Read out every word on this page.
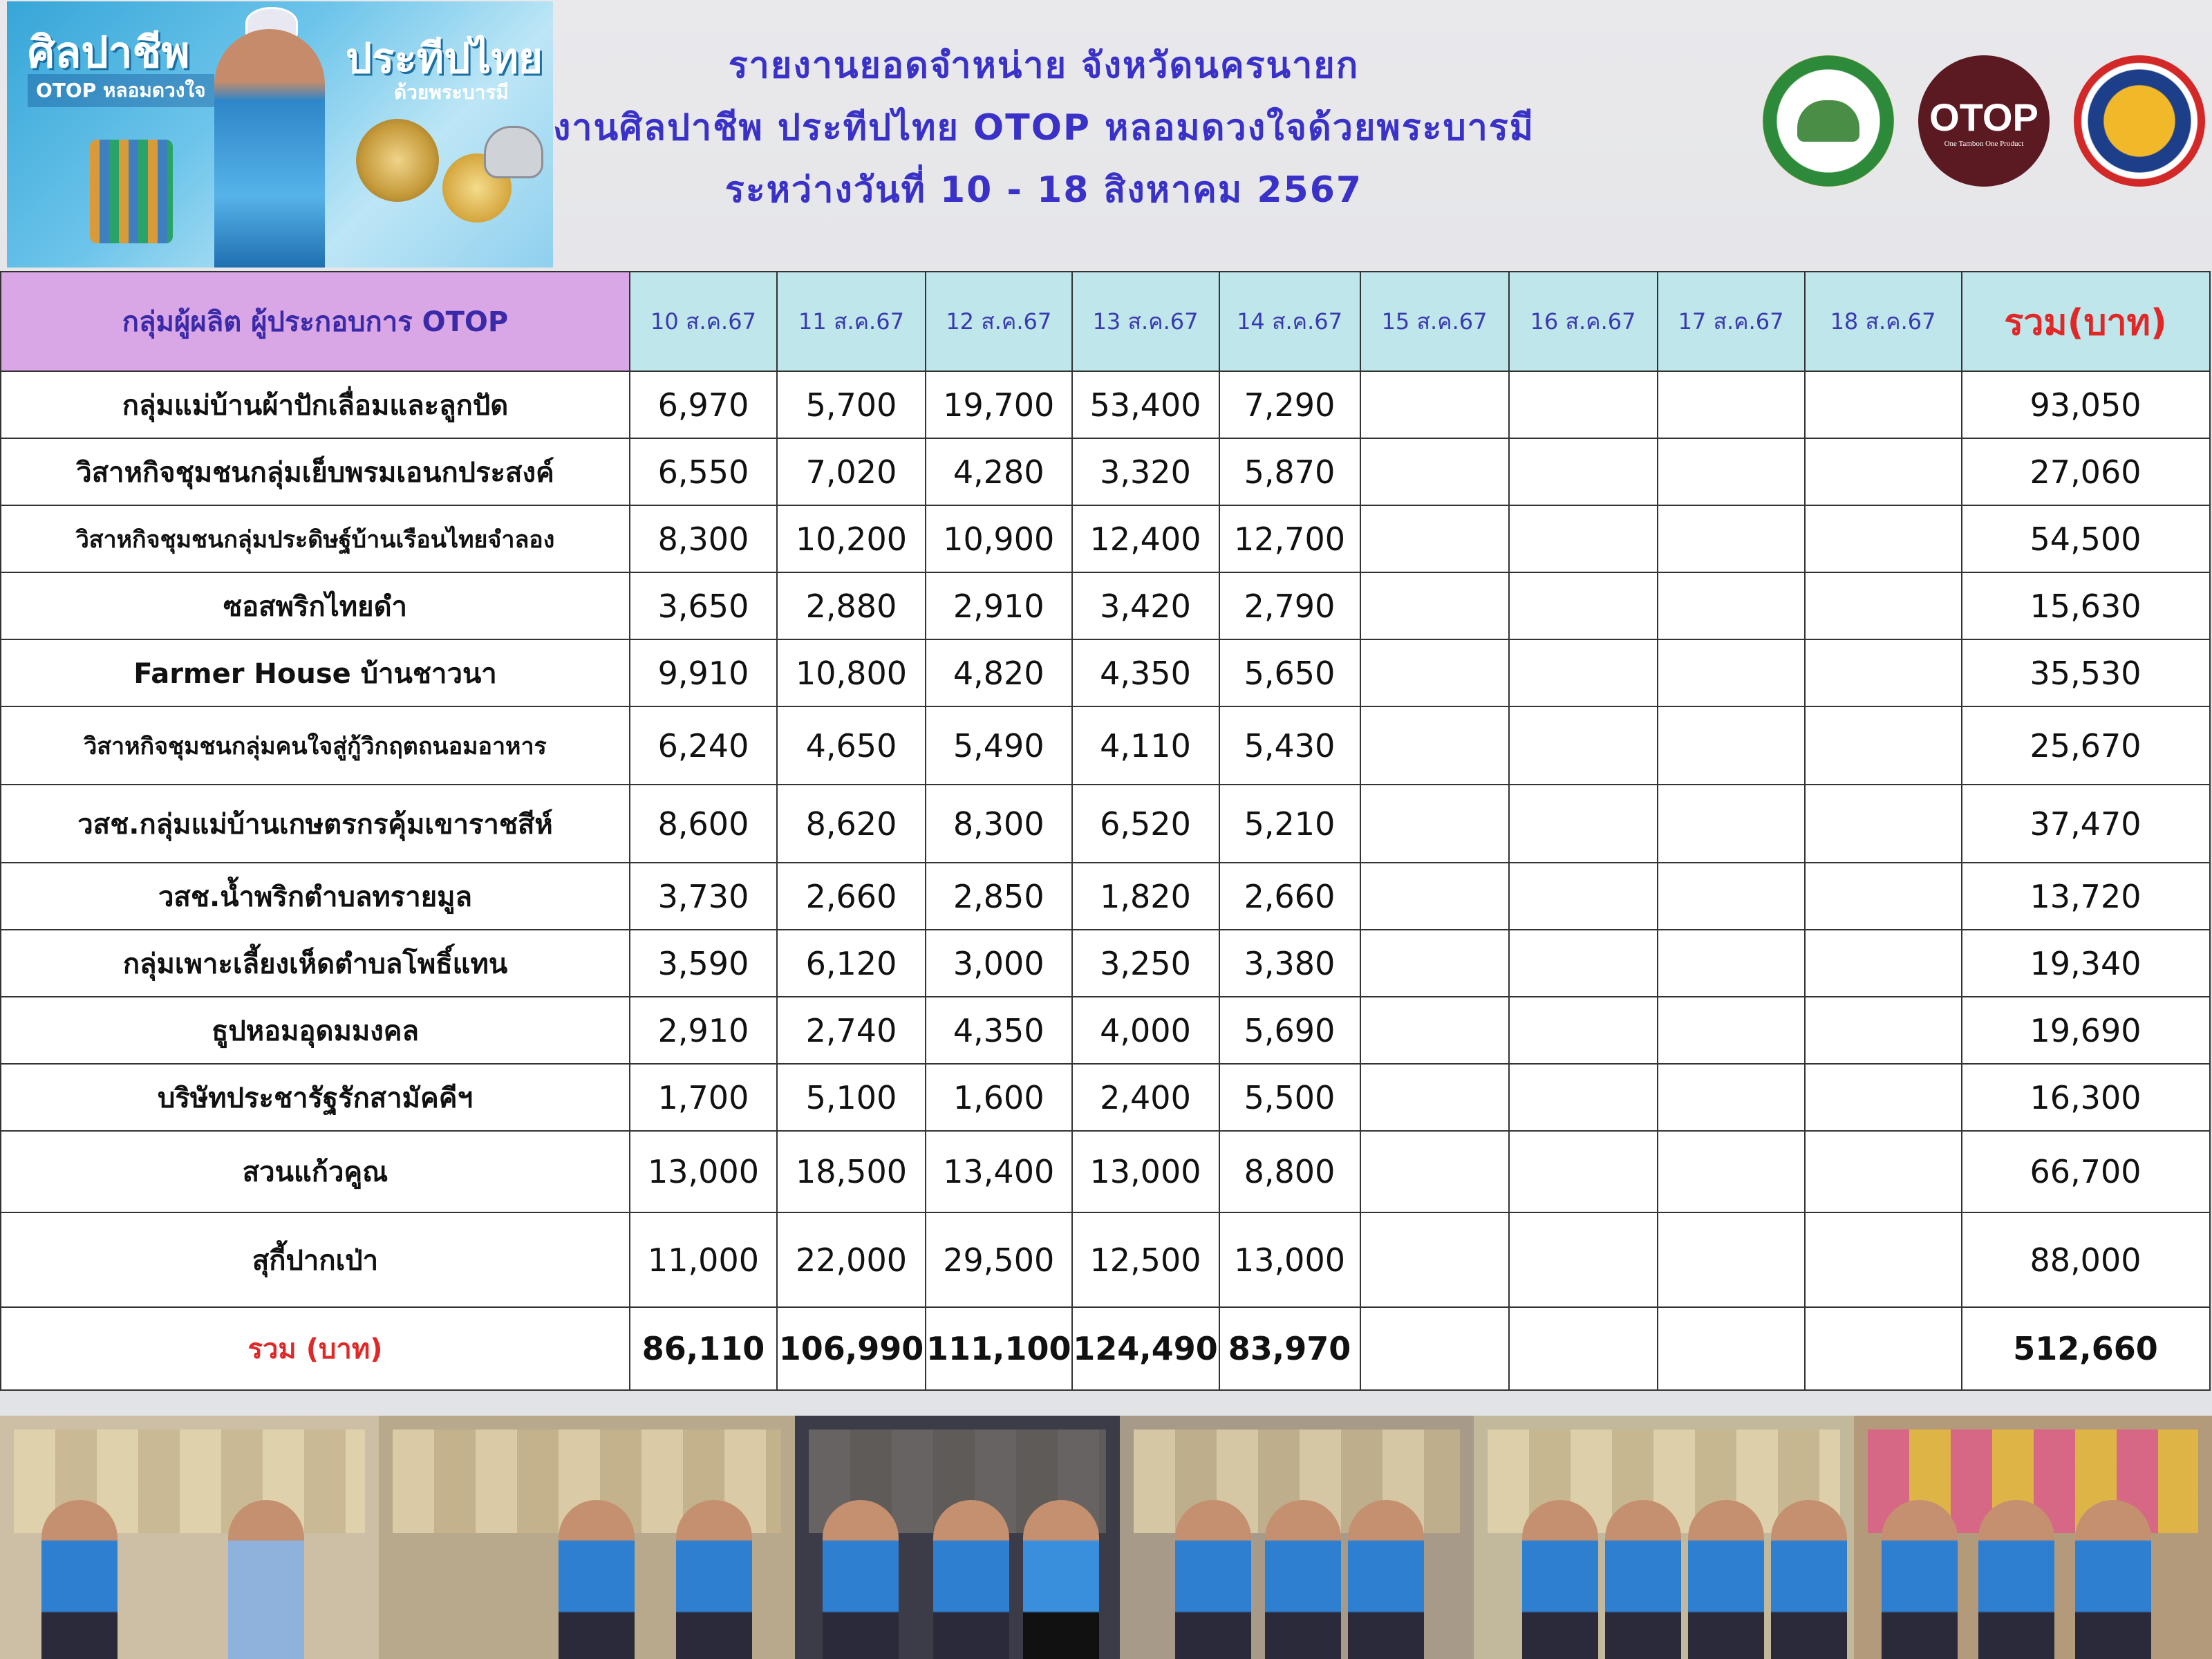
ศิลปาชีพ
OTOP หลอมดวงใจ
ประทีปไทย
ด้วยพระบารมี
รายงานยอดจำหน่าย จังหวัดนครนายก
งานศิลปาชีพ ประทีปไทย OTOP หลอมดวงใจด้วยพระบารมี
ระหว่างวันที่ 10 - 18 สิงหาคม 2567
OTOP
One Tambon One Product
กลุ่มผู้ผลิต ผู้ประกอบการ OTOP	10 ส.ค.67	11 ส.ค.67	12 ส.ค.67	13 ส.ค.67	14 ส.ค.67	15 ส.ค.67	16 ส.ค.67	17 ส.ค.67	18 ส.ค.67	รวม(บาท)
กลุ่มแม่บ้านผ้าปักเลื่อมและลูกปัด	6,970	5,700	19,700	53,400	7,290					93,050
วิสาหกิจชุมชนกลุ่มเย็บพรมเอนกประสงค์	6,550	7,020	4,280	3,320	5,870					27,060
วิสาหกิจชุมชนกลุ่มประดิษฐ์บ้านเรือนไทยจำลอง	8,300	10,200	10,900	12,400	12,700					54,500
ซอสพริกไทยดำ	3,650	2,880	2,910	3,420	2,790					15,630
Farmer House บ้านชาวนา	9,910	10,800	4,820	4,350	5,650					35,530
วิสาหกิจชุมชนกลุ่มคนใจสู่กู้วิกฤตถนอมอาหาร	6,240	4,650	5,490	4,110	5,430					25,670
วสช.กลุ่มแม่บ้านเกษตรกรคุ้มเขาราชสีห์	8,600	8,620	8,300	6,520	5,210					37,470
วสช.น้ำพริกตำบลทรายมูล	3,730	2,660	2,850	1,820	2,660					13,720
กลุ่มเพาะเลี้ยงเห็ดตำบลโพธิ์แทน	3,590	6,120	3,000	3,250	3,380					19,340
ธูปหอมอุดมมงคล	2,910	2,740	4,350	4,000	5,690					19,690
บริษัทประชารัฐรักสามัคคีฯ	1,700	5,100	1,600	2,400	5,500					16,300
สวนแก้วคูณ	13,000	18,500	13,400	13,000	8,800					66,700
สุกี้ปากเป่า	11,000	22,000	29,500	12,500	13,000					88,000
รวม (บาท)	86,110	106,990	111,100	124,490	83,970					512,660
